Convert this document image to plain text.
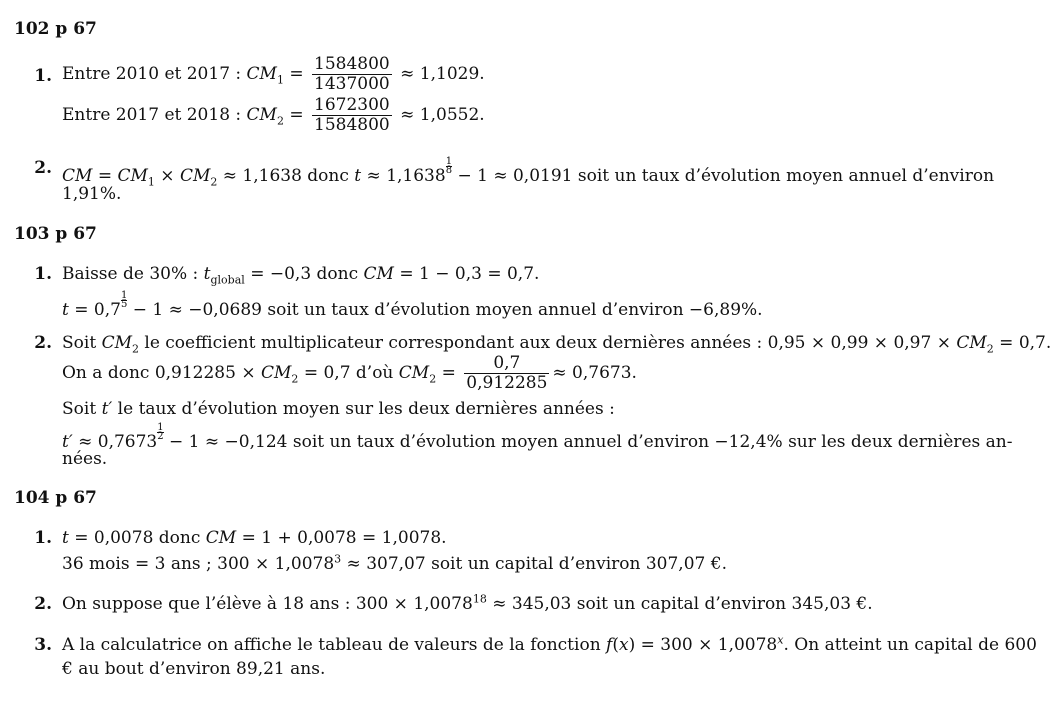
102 p 67
1. Entre 2010 et 2017 : $CM_1 = \frac{1584800}{1437000} \approx 1,1029$.
Entre 2017 et 2018 : $CM_2 = \frac{1672300}{1584800} \approx 1,0552$.
2. CM = $CM_1 \times CM_2 \approx 1,1638$ donc $t \approx 1,1638 \frac{1}{8} - 1 \approx 0,0191$ soit un taux d’évolution moyen annuel d’environ
1,91%.
103 p 67
1. Baisse de 30% : $t_{global} = -0,3$ donc CM = 1 − 0,3 = 0,7.
$t = 0,7 \frac{1}{5} - 1 \approx -0,0689$ soit un taux d’évolution moyen annuel d’environ −6,89%.
2. Soit $CM_2$ le coefficient multiplicateur correspondant aux deux dernières années : $0,95 \times 0,99 \times 0,97 \times CM_2 = 0,7$.
On a donc $0,912285 \times CM_2 = 0,7$ d’où $CM_2 = \frac{0,7}{0,912285} \approx 0,7673$.
Soit t′ le taux d’évolution moyen sur les deux dernières années :
$t' \approx 0,7673 \frac{1}{2} - 1 \approx -0,124$ soit un taux d’évolution moyen annuel d’environ −12,4% sur les deux dernières an-
nées.
104 p 67
1. t = 0,0078 donc CM = 1 + 0,0078 = 1,0078.
36 mois = 3 ans ; $300 \times 1,0078^3 \approx 307,07$ soit un capital d’environ 307,07 €.
2. On suppose que l’élève à 18 ans : $300 \times 1,0078^{18} \approx 345,03$ soit un capital d’environ 345,03 €.
3. A la calculatrice on affiche le tableau de valeurs de la fonction $f(x) = 300 \times 1,0078^x$. On atteint un capital de 600
€ au bout d’environ 89,21 ans.
